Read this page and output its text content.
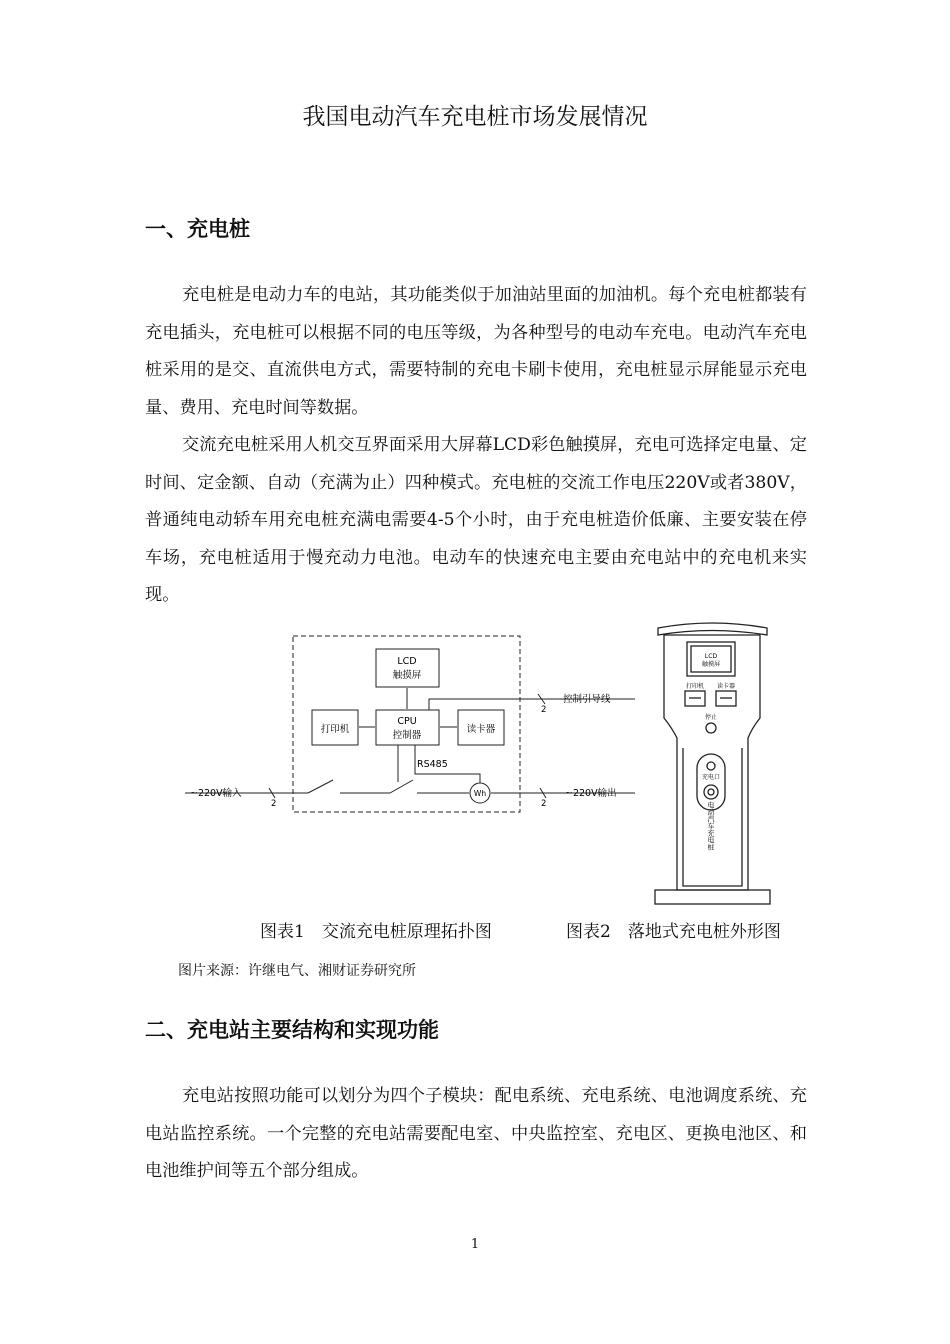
我国电动汽车充电桩市场发展情况
一、充电桩

充电桩是电动力车的电站，其功能类似于加油站里面的加油机。每个充电桩都装有充电插头，充电桩可以根据不同的电压等级，为各种型号的电动车充电。电动汽车充电桩采用的是交、直流供电方式，需要特制的充电卡刷卡使用，充电桩显示屏能显示充电量、费用、充电时间等数据。

交流充电桩采用人机交互界面采用大屏幕LCD彩色触摸屏，充电可选择定电量、定时间、定金额、自动（充满为止）四种模式。充电桩的交流工作电压220V或者380V，普通纯电动轿车用充电桩充满电需要4-5个小时，由于充电桩造价低廉、主要安装在停车场，充电桩适用于慢充动力电池。电动车的快速充电主要由充电站中的充电机来实现。

LCD
触摸屏
打印机
CPU
控制器
读卡器
控制引导线
2
RS485
Wh
~220V输入
2
~220V输出
2
LCD
触摸屏
打印机 读卡器
停止
充电口
电动汽车充电桩
图表1　交流充电桩原理拓扑图	图表2　落地式充电桩外形图
图片来源：许继电气、湘财证券研究所
二、充电站主要结构和实现功能

充电站按照功能可以划分为四个子模块：配电系统、充电系统、电池调度系统、充电站监控系统。一个完整的充电站需要配电室、中央监控室、充电区、更换电池区、和电池维护间等五个部分组成。

1
